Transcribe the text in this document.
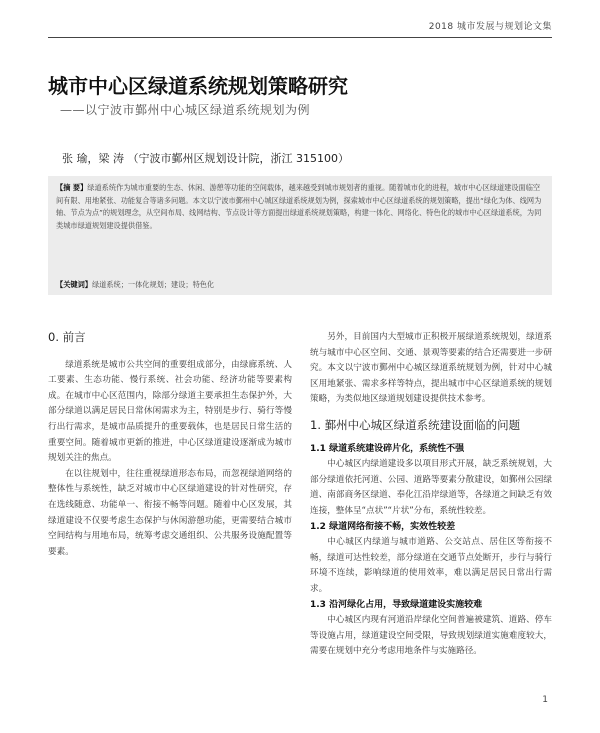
2018 城市发展与规划论文集
城市中心区绿道系统规划策略研究
——以宁波市鄞州中心城区绿道系统规划为例
张 瑜，梁 涛 （宁波市鄞州区规划设计院，浙江 315100）

【摘 要】绿道系统作为城市重要的生态、休闲、游憩等功能的空间载体，越来越受到城市规划者的重视。随着城市化的进程，城市中心区绿道建设面临空间有限、用地紧张、功能复合等诸多问题。本文以宁波市鄞州中心城区绿道系统规划为例，探索城市中心区绿道系统的规划策略，提出“绿化为体、线网为轴、节点为点”的规划理念，从空间布局、线网结构、节点设计等方面提出绿道系统规划策略，构建一体化、网络化、特色化的城市中心区绿道系统，为同类城市绿道规划建设提供借鉴。

【关键词】绿道系统；一体化规划；建设；特色化

0. 前言

绿道系统是城市公共空间的重要组成部分，由绿廊系统、人工要素、生态功能、慢行系统、社会功能、经济功能等要素构成。在城市中心区范围内，除部分绿道主要承担生态保护外，大部分绿道以满足居民日常休闲需求为主，特别是步行、骑行等慢行出行需求，是城市品质提升的重要载体，也是居民日常生活的重要空间。随着城市更新的推进，中心区绿道建设逐渐成为城市规划关注的焦点。

在以往规划中，往往重视绿道形态布局，而忽视绿道网络的整体性与系统性，缺乏对城市中心区绿道建设的针对性研究，存在选线随意、功能单一、衔接不畅等问题。随着中心区发展，其绿道建设不仅要考虑生态保护与休闲游憩功能，更需要结合城市空间结构与用地布局，统筹考虑交通组织、公共服务设施配置等要素。

另外，目前国内大型城市正积极开展绿道系统规划，绿道系统与城市中心区空间、交通、景观等要素的结合还需要进一步研究。本文以宁波市鄞州中心城区绿道系统规划为例，针对中心城区用地紧张、需求多样等特点，提出城市中心区绿道系统的规划策略，为类似地区绿道规划建设提供技术参考。

1. 鄞州中心城区绿道系统建设面临的问题

1.1 绿道系统建设碎片化，系统性不强

中心城区内绿道建设多以项目形式开展，缺乏系统规划，大部分绿道依托河道、公园、道路等要素分散建设，如鄞州公园绿道、南部商务区绿道、奉化江沿岸绿道等，各绿道之间缺乏有效连接，整体呈“点状”“片状”分布，系统性较差。

1.2 绿道网络衔接不畅，实效性较差

中心城区内绿道与城市道路、公交站点、居住区等衔接不畅，绿道可达性较差，部分绿道在交通节点处断开，步行与骑行环境不连续，影响绿道的使用效率，难以满足居民日常出行需求。

1.3 沿河绿化占用，导致绿道建设实施较难

中心城区内现有河道沿岸绿化空间普遍被建筑、道路、停车等设施占用，绿道建设空间受限，导致规划绿道实施难度较大，需要在规划中充分考虑用地条件与实施路径。

1
